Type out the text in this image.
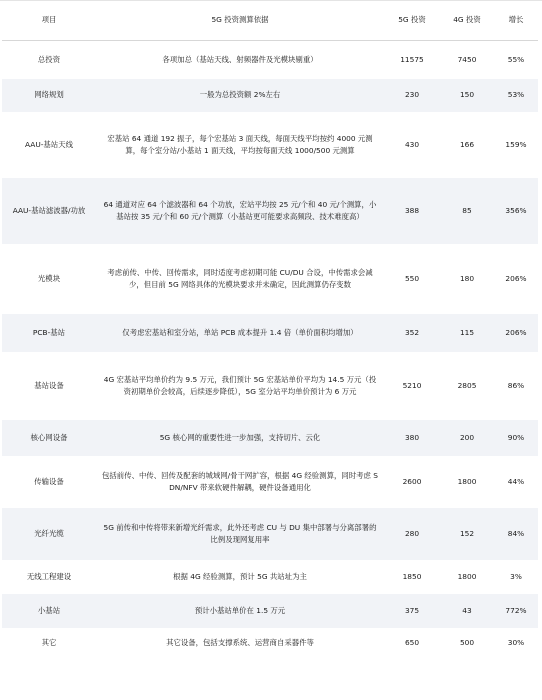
项目	5G 投资测算依据	5G 投资	4G 投资	增长
总投资	各项加总（基站天线、射频器件及光模块剔重）	11575	7450	55%
网络规划	一般为总投资额 2%左右	230	150	53%
AAU-基站天线	宏基站 64 通道 192 振子，每个宏基站 3 面天线，每面天线平均按约 4000 元测算，每个室分站/小基站 1 面天线，平均按每面天线 1000/500 元测算	430	166	159%
AAU-基站滤波器/功放	64 通道对应 64 个滤波器和 64 个功放，宏站平均按 25 元/个和 40 元/个测算，小基站按 35 元/个和 60 元/个测算（小基站更可能要求高频段、技术难度高）	388	85	356%
光模块	考虑前传、中传、回传需求，同时适度考虑初期可能 CU/DU 合设，中传需求会减少，但目前 5G 网络具体的光模块要求并未确定，因此测算仍存变数	550	180	206%
PCB-基站	仅考虑宏基站和室分站，单站 PCB 成本提升 1.4 倍（单价面积均增加）	352	115	206%
基站设备	4G 宏基站平均单价约为 9.5 万元，我们预计 5G 宏基站单价平均为 14.5 万元（投资初期单价会较高，后续逐步降低），5G 室分站平均单价预计为 6 万元	5210	2805	86%
核心网设备	5G 核心网的重要性进一步加强，支持切片、云化	380	200	90%
传输设备	包括前传、中传、回传及配套的城域网/骨干网扩容，根据 4G 经验测算，同时考虑 SDN/NFV 带来软硬件解耦，硬件设备通用化	2600	1800	44%
光纤光缆	5G 前传和中传将带来新增光纤需求，此外还考虑 CU 与 DU 集中部署与分离部署的比例及现网复用率	280	152	84%
无线工程建设	根据 4G 经验测算，预计 5G 共站址为主	1850	1800	3%
小基站	预计小基站单价在 1.5 万元	375	43	772%
其它	其它设备，包括支撑系统、运营商自采器件等	650	500	30%
